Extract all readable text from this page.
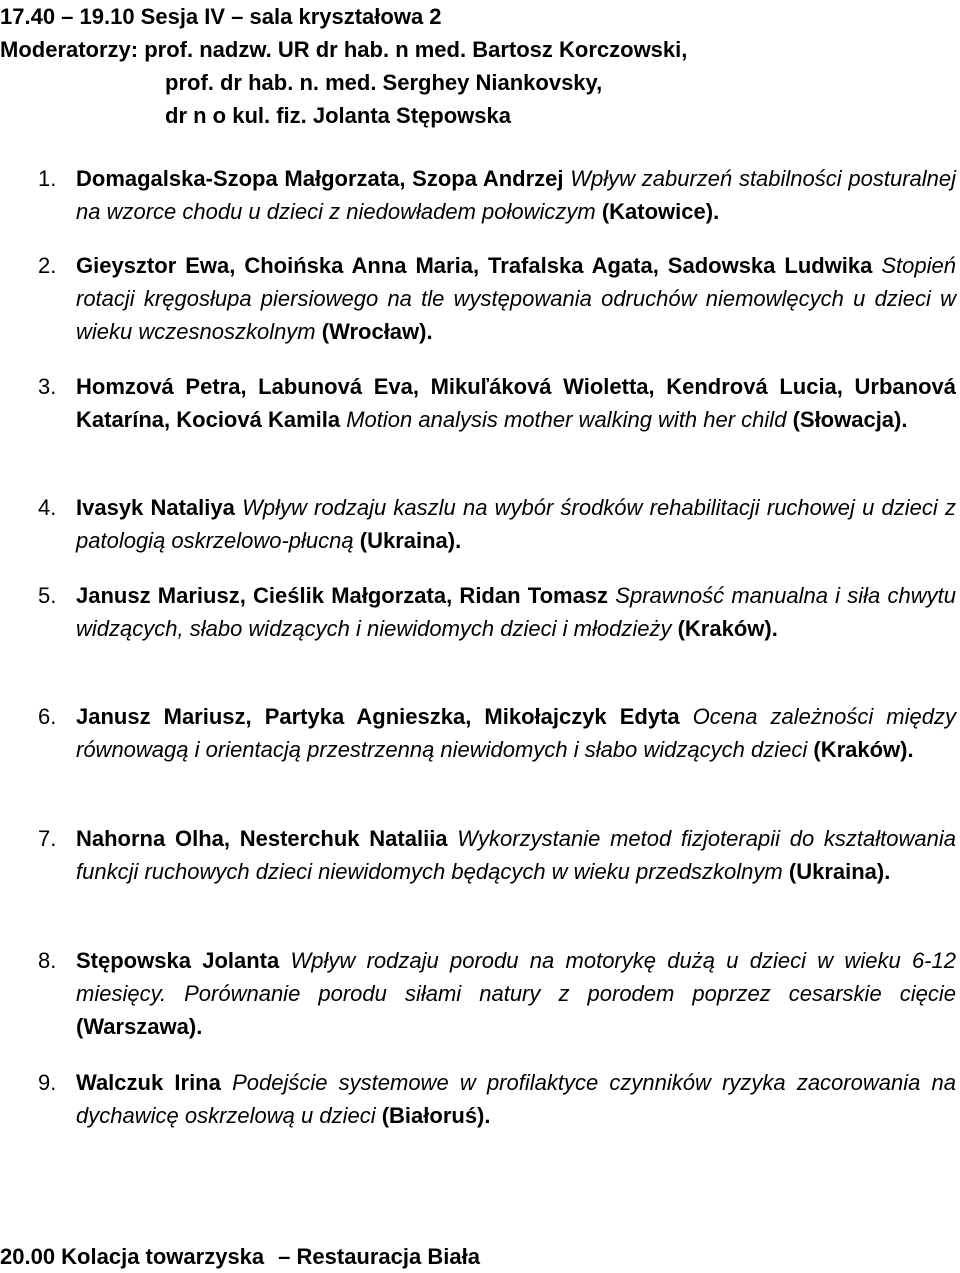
17.40 – 19.10 Sesja IV – sala kryształowa 2
Moderatorzy: prof. nadzw. UR dr hab. n med. Bartosz Korczowski,
prof. dr hab. n. med. Serghey Niankovsky,
dr n o kul. fiz. Jolanta Stępowska
1. Domagalska-Szopa Małgorzata, Szopa Andrzej Wpływ zaburzeń stabilności posturalnej na wzorce chodu u dzieci z niedowładem połowiczym (Katowice).
2. Gieysztor Ewa, Choińska Anna Maria, Trafalska Agata, Sadowska Ludwika Stopień rotacji kręgosłupa piersiowego na tle występowania odruchów niemowlęcych u dzieci w wieku wczesnoszkolnym (Wrocław).
3. Homzová Petra, Labunová Eva, Mikuľáková Wioletta, Kendrová Lucia, Urbanová Katarína, Kociová Kamila Motion analysis mother walking with her child (Słowacja).
4. Ivasyk Nataliya Wpływ rodzaju kaszlu na wybór środków rehabilitacji ruchowej u dzieci z patologią oskrzelowo-płucną (Ukraina).
5. Janusz Mariusz, Cieślik Małgorzata, Ridan Tomasz Sprawność manualna i siła chwytu widzących, słabo widzących i niewidomych dzieci i młodzieży (Kraków).
6. Janusz Mariusz, Partyka Agnieszka, Mikołajczyk Edyta Ocena zależności między równowagą i orientacją przestrzenną niewidomych i słabo widzących dzieci (Kraków).
7. Nahorna Olha, Nesterchuk Nataliia Wykorzystanie metod fizjoterapii do kształtowania funkcji ruchowych dzieci niewidomych będących w wieku przedszkolnym (Ukraina).
8. Stępowska Jolanta Wpływ rodzaju porodu na motorykę dużą u dzieci w wieku 6-12 miesięcy. Porównanie porodu siłami natury z porodem poprzez cesarskie cięcie (Warszawa).
9. Walczuk Irina Podejście systemowe w profilaktyce czynników ryzyka zacorowania na dychawicę oskrzelową u dzieci (Białoruś).
20.00 Kolacja towarzyska – Restauracja Biała
